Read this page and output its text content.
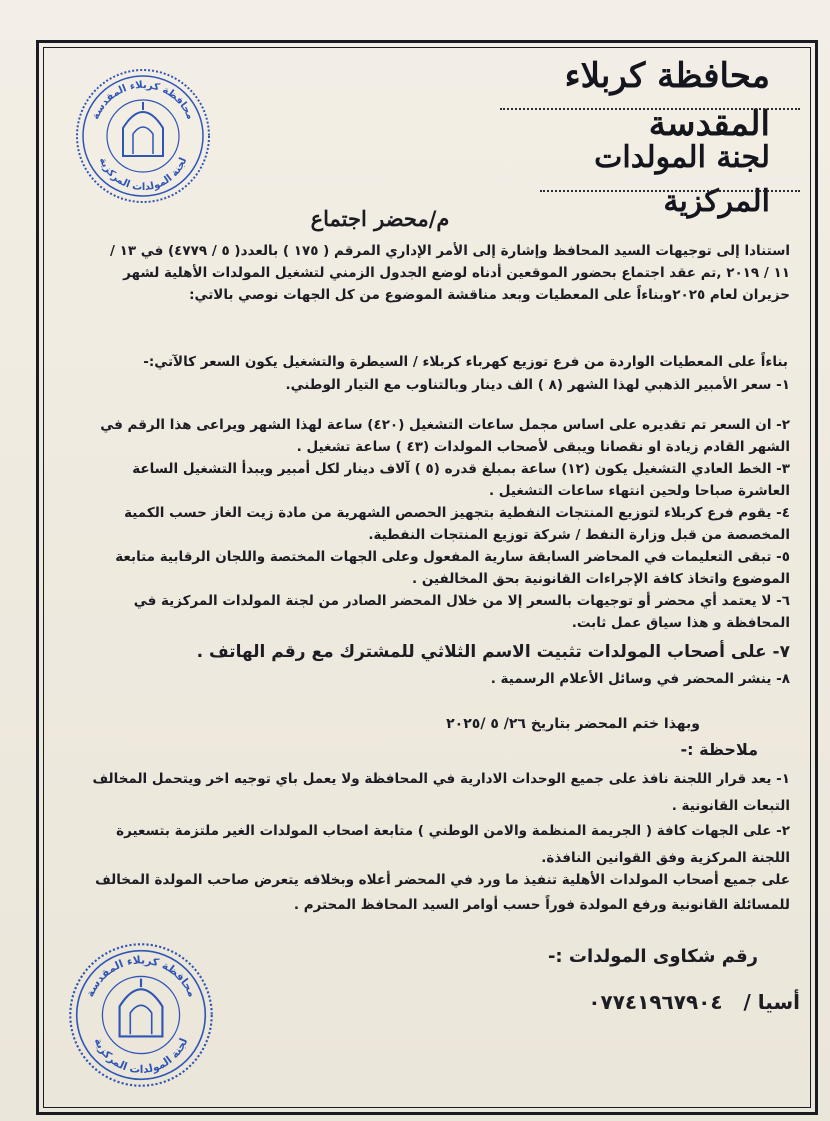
محافظة كربلاء المقدسة
لجنة المولدات المركزية
محافظة كربلاء المقدسة
لجنة المولدات المركزية
م/محضر اجتماع
استنادا إلى توجيهات السيد المحافظ وإشارة إلى الأمر الإداري المرقم ( ١٧٥ ) بالعدد( ٥ / ٤٧٧٩) في ١٣ / ١١ / ٢٠١٩ ,تم عقد اجتماع بحضور الموقعين أدناه لوضع الجدول الزمني لتشغيل المولدات الأهلية لشهر حزيران لعام ٢٠٢٥وبناءاً على المعطيات وبعد مناقشة الموضوع من كل الجهات نوصي بالاتي:
بناءاً على المعطيات الواردة من فرع توزيع كهرباء كربلاء / السيطرة والتشغيل يكون السعر كالآتي:-
١- سعر الأمبير الذهبي لهذا الشهر (٨ ) الف دينار وبالتناوب مع التيار الوطني.
٢- ان السعر تم تقديره على اساس مجمل ساعات التشغيل (٤٢٠) ساعة لهذا الشهر ويراعى هذا الرقم في الشهر القادم زيادة او نقصانا ويبقى لأصحاب المولدات (٤٣ ) ساعة تشغيل .
٣- الخط العادي التشغيل يكون (١٢) ساعة بمبلغ قدره (٥ ) آلاف دينار لكل أمبير ويبدأ التشغيل الساعة العاشرة صباحا ولحين انتهاء ساعات التشغيل .
٤- يقوم فرع كربلاء لتوزيع المنتجات النفطية بتجهيز الحصص الشهرية من مادة زيت الغاز حسب الكمية المخصصة من قبل وزارة النفط / شركة توزيع المنتجات النفطية.
٥- تبقى التعليمات في المحاضر السابقة سارية المفعول وعلى الجهات المختصة واللجان الرقابية متابعة الموضوع واتخاذ كافة الإجراءات القانونية بحق المخالفين .
٦- لا يعتمد أي محضر أو توجيهات بالسعر إلا من خلال المحضر الصادر من لجنة المولدات المركزية في المحافظة و هذا سياق عمل ثابت.
٧- على أصحاب المولدات تثبيت الاسم الثلاثي للمشترك مع رقم الهاتف .
٨- ينشر المحضر في وسائل الأعلام الرسمية .
وبهذا ختم المحضر بتاريخ ٢٦/ ٥ /٢٠٢٥
ملاحظة :-
١- يعد قرار اللجنة نافذ على جميع الوحدات الادارية في المحافظة ولا يعمل باي توجيه اخر ويتحمل المخالف التبعات القانونية .
٢- على الجهات كافة ( الجريمة المنظمة والامن الوطني ) متابعة اصحاب المولدات الغير ملتزمة بتسعيرة اللجنة المركزية وفق القوانين النافذة.
على جميع أصحاب المولدات الأهلية تنفيذ ما ورد في المحضر أعلاه وبخلافه يتعرض صاحب المولدة المخالف للمسائلة القانونية ورفع المولدة فوراً حسب أوامر السيد المحافظ المحترم .
رقم شكاوى المولدات :-
أسيا / ٠٧٧٤١٩٦٧٩٠٤
محافظة كربلاء المقدسة
لجنة المولدات المركزية
